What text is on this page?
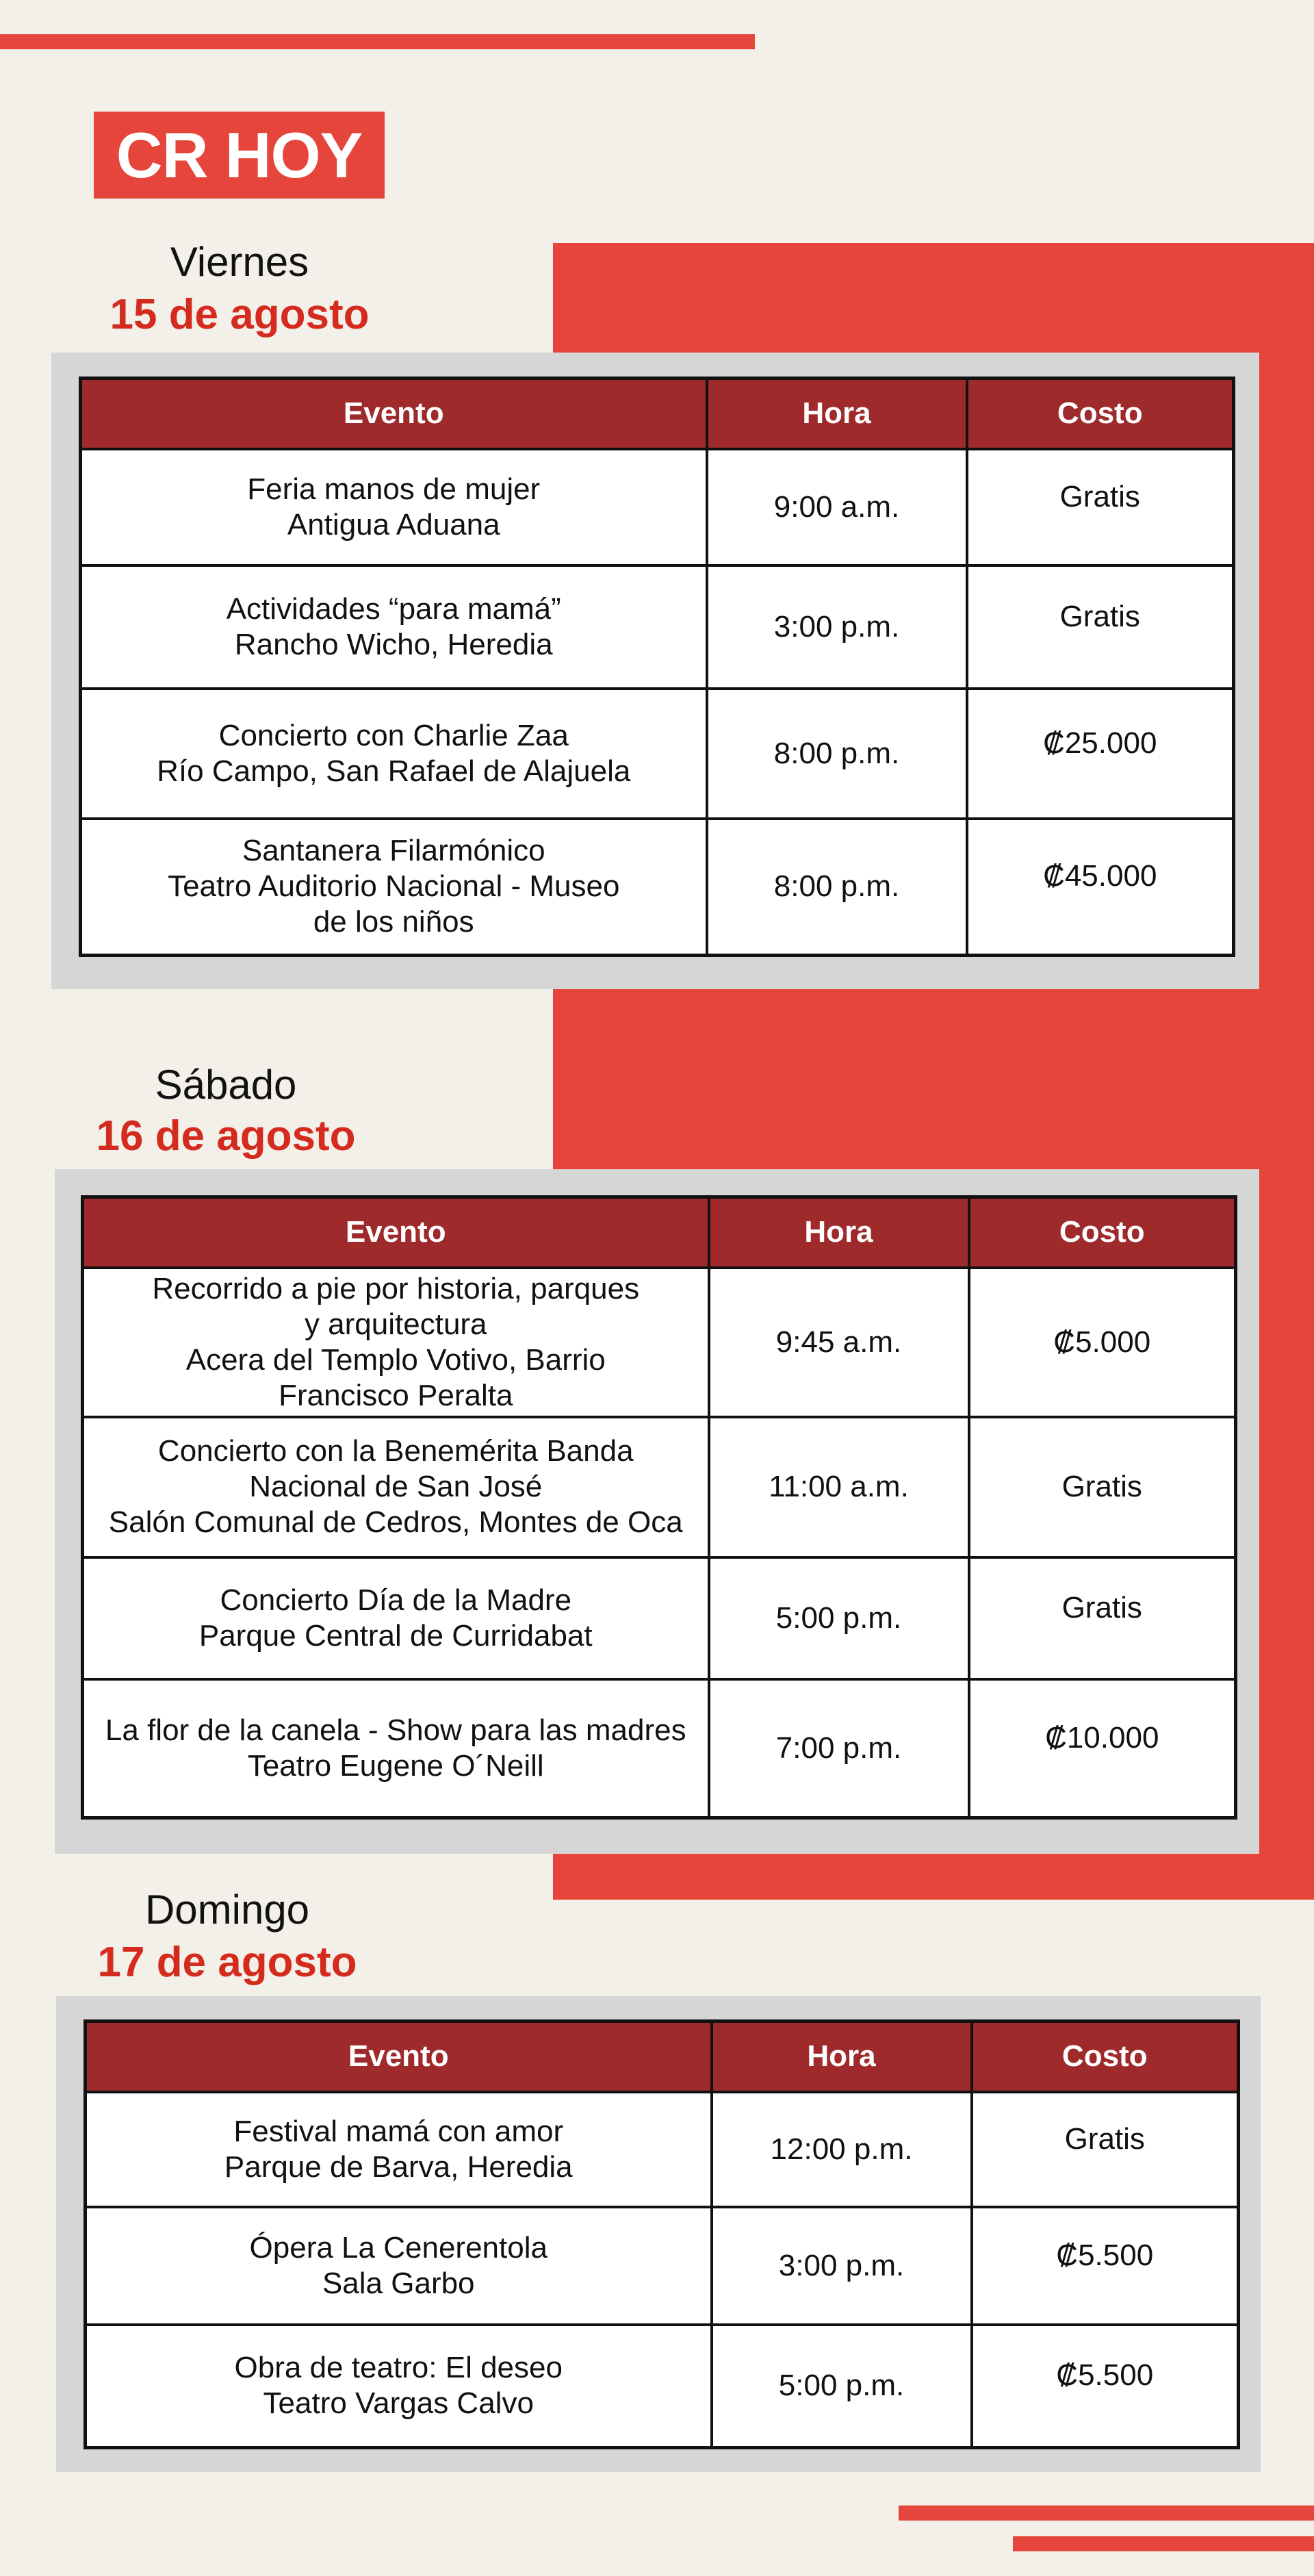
CR HOY
Viernes
15 de agosto
Evento	Hora	Costo

Feria manos de mujer
Antigua Aduana	9:00 a.m.	Gratis

Actividades “para mamá”
Rancho Wicho, Heredia	3:00 p.m.	Gratis

Concierto con Charlie Zaa
Río Campo, San Rafael de Alajuela	8:00 p.m.	₡25.000

Santanera Filarmónico
Teatro Auditorio Nacional - Museo
de los niños	8:00 p.m.	₡45.000
Sábado
16 de agosto
Evento	Hora	Costo

Recorrido a pie por historia, parques
y arquitectura
Acera del Templo Votivo, Barrio
Francisco Peralta	9:45 a.m.	₡5.000

Concierto con la Benemérita Banda
Nacional de San José
Salón Comunal de Cedros, Montes de Oca	11:00 a.m.	Gratis

Concierto Día de la Madre
Parque Central de Curridabat	5:00 p.m.	Gratis

La flor de la canela - Show para las madres
Teatro Eugene O´Neill	7:00 p.m.	₡10.000
Domingo
17 de agosto
Evento	Hora	Costo

Festival mamá con amor
Parque de Barva, Heredia	12:00 p.m.	Gratis

Ópera La Cenerentola
Sala Garbo	3:00 p.m.	₡5.500

Obra de teatro: El deseo
Teatro Vargas Calvo	5:00 p.m.	₡5.500
